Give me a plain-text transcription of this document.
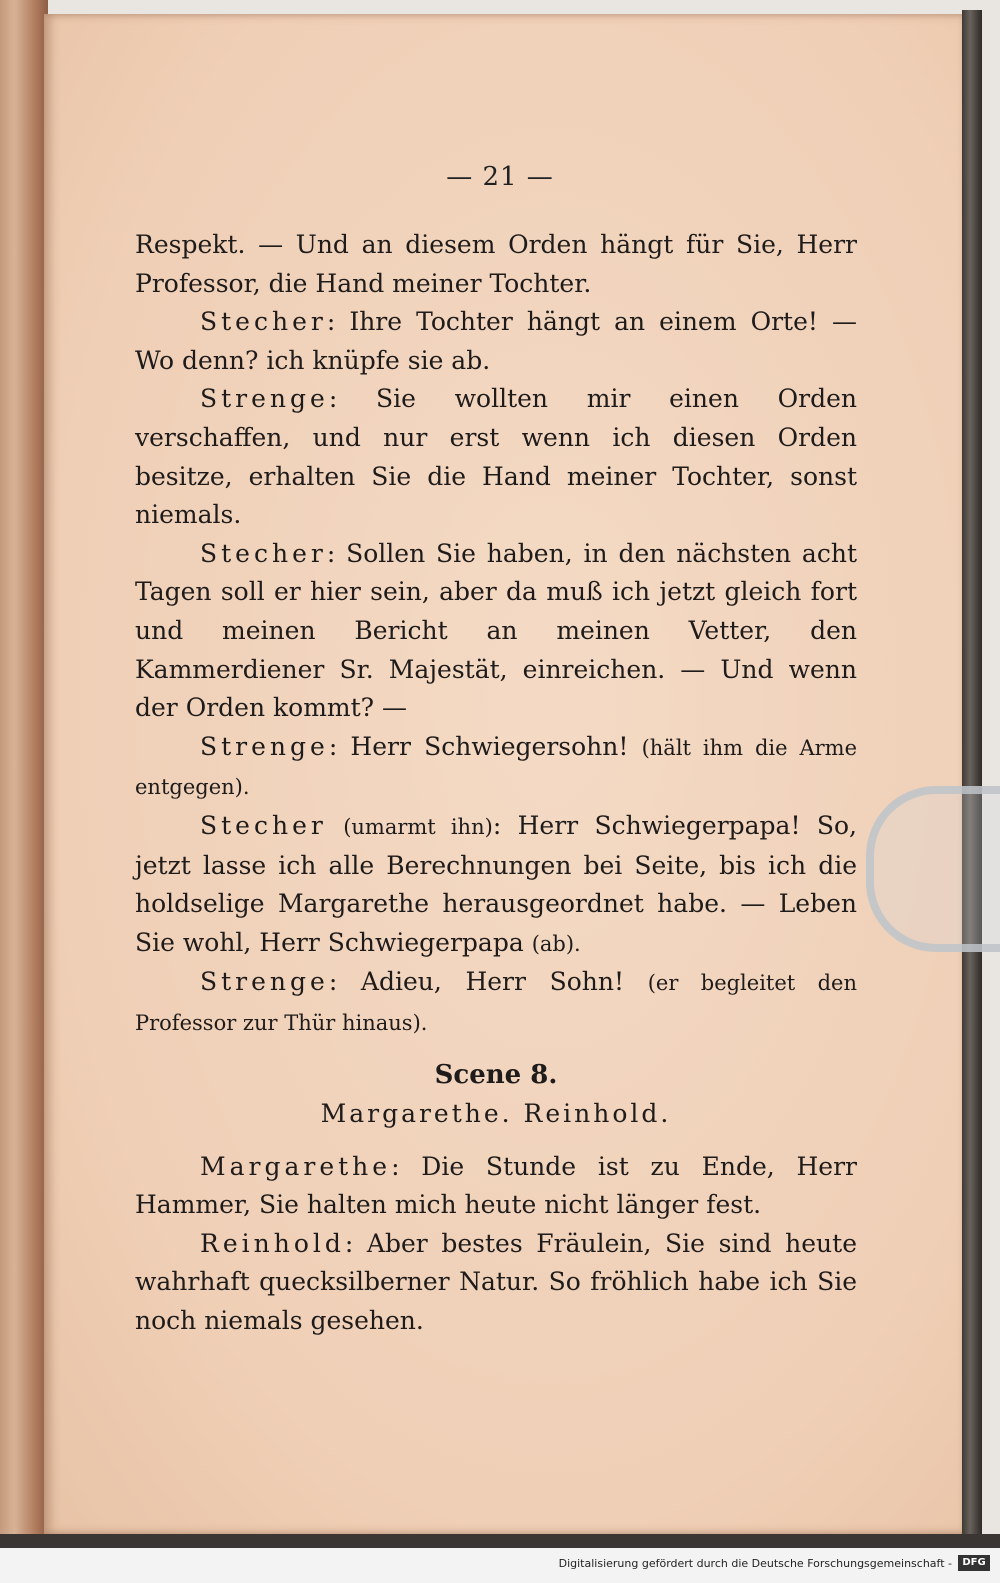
— 21 —

Respekt. — Und an diesem Orden hängt für Sie, Herr Professor, die Hand meiner Tochter.

Stecher: Ihre Tochter hängt an einem Orte! — Wo denn? ich knüpfe sie ab.

Strenge: Sie wollten mir einen Orden verschaffen, und nur erst wenn ich diesen Orden besitze, erhalten Sie die Hand meiner Tochter, sonst niemals.

Stecher: Sollen Sie haben, in den nächsten acht Tagen soll er hier sein, aber da muß ich jetzt gleich fort und meinen Bericht an meinen Vetter, den Kammerdiener Sr. Majestät, einreichen. — Und wenn der Orden kommt? —

Strenge: Herr Schwiegersohn! (hält ihm die Arme entgegen).

Stecher (umarmt ihn): Herr Schwiegerpapa! So, jetzt lasse ich alle Berechnungen bei Seite, bis ich die holdselige Margarethe herausgeordnet habe. — Leben Sie wohl, Herr Schwiegerpapa (ab).

Strenge: Adieu, Herr Sohn! (er begleitet den Professor zur Thür hinaus).

Scene 8.
Margarethe. Reinhold.

Margarethe: Die Stunde ist zu Ende, Herr Hammer, Sie halten mich heute nicht länger fest.

Reinhold: Aber bestes Fräulein, Sie sind heute wahrhaft quecksilberner Natur. So fröhlich habe ich Sie noch niemals gesehen.

Digitalisierung gefördert durch die Deutsche Forschungsgemeinschaft -	DFG
